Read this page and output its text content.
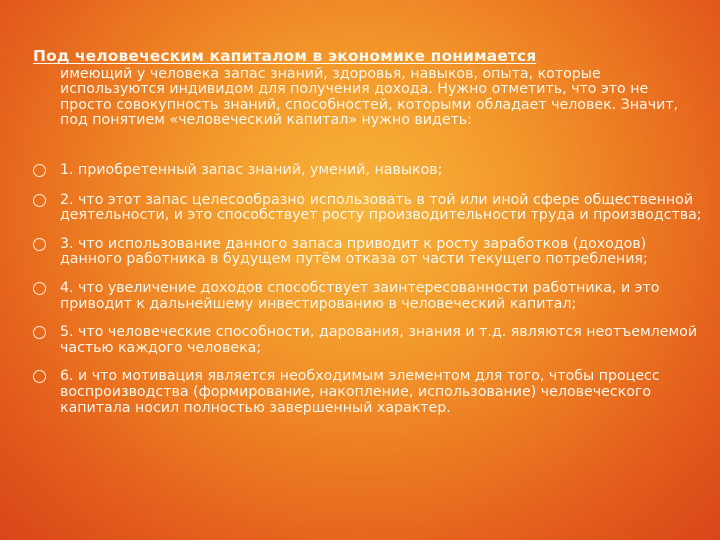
Под человеческим капиталом в экономике понимается

имеющий у человека запас знаний, здоровья, навыков, опыта, которые используются индивидом для получения дохода. Нужно отметить, что это не просто совокупность знаний, способностей, которыми обладает человек. Значит, под понятием «человеческий капитал» нужно видеть:

1. приобретенный запас знаний, умений, навыков;
2. что этот запас целесообразно использовать в той или иной сфере общественной деятельности, и это способствует росту производительности труда и производства;
3. что использование данного запаса приводит к росту заработков (доходов) данного работника в будущем путём отказа от части текущего потребления;
4. что увеличение доходов способствует заинтересованности работника, и это приводит к дальнейшему инвестированию в человеческий капитал;
5. что человеческие способности, дарования, знания и т.д. являются неотъемлемой частью каждого человека;
6. и что мотивация является необходимым элементом для того, чтобы процесс воспроизводства (формирование, накопление, использование) человеческого капитала носил полностью завершенный характер.
